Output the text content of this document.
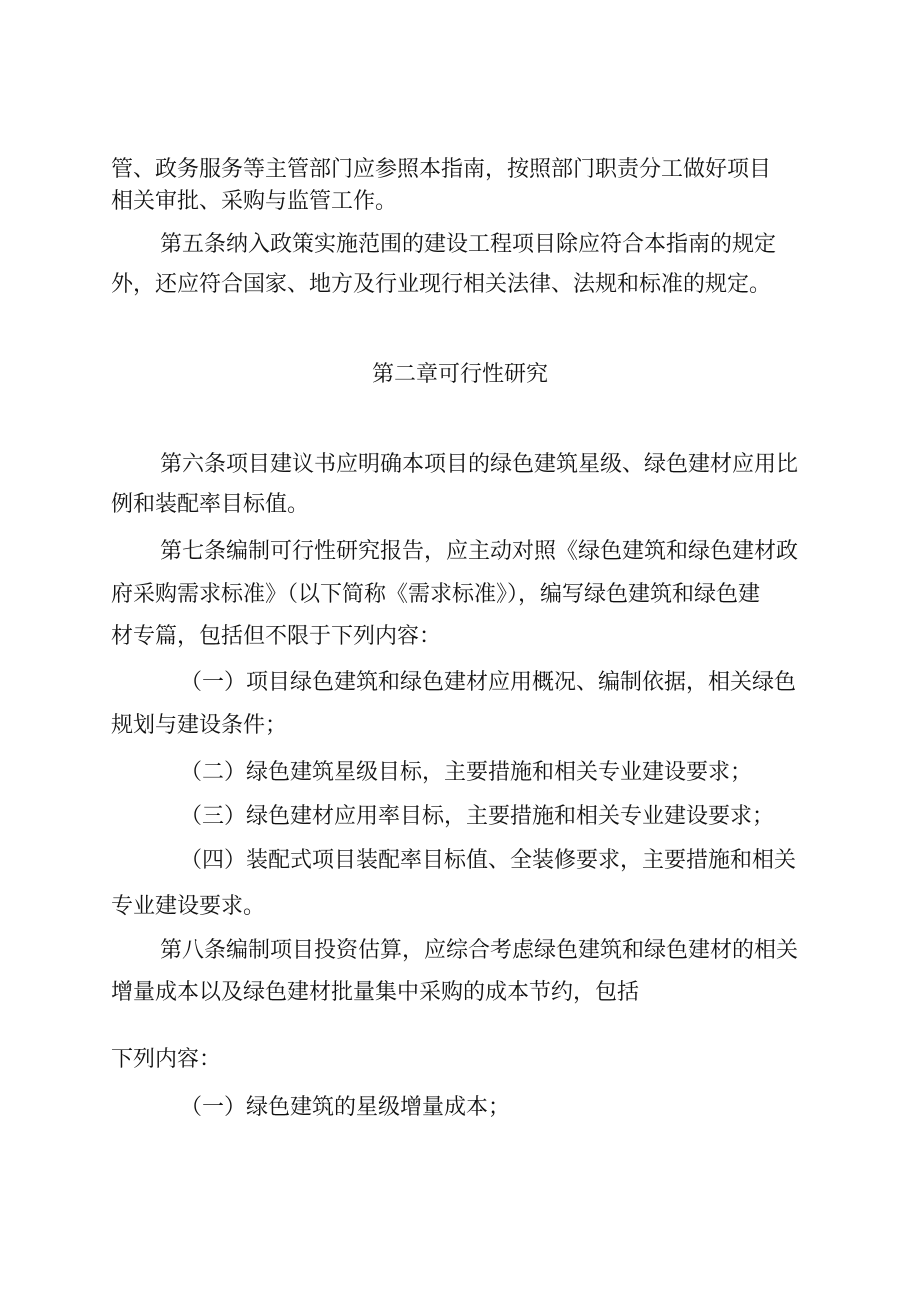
管、政务服务等主管部门应参照本指南，按照部门职责分工做好项目
相关审批、采购与监管工作。
第五条纳入政策实施范围的建设工程项目除应符合本指南的规定
外，还应符合国家、地方及行业现行相关法律、法规和标准的规定。
第二章可行性研究
第六条项目建议书应明确本项目的绿色建筑星级、绿色建材应用比
例和装配率目标值。
第七条编制可行性研究报告，应主动对照《绿色建筑和绿色建材政
府采购需求标准》（以下简称《需求标准》），编写绿色建筑和绿色建
材专篇，包括但不限于下列内容：
（一）项目绿色建筑和绿色建材应用概况、编制依据，相关绿色
规划与建设条件；
（二）绿色建筑星级目标，主要措施和相关专业建设要求；
（三）绿色建材应用率目标，主要措施和相关专业建设要求；
（四）装配式项目装配率目标值、全装修要求，主要措施和相关
专业建设要求。
第八条编制项目投资估算，应综合考虑绿色建筑和绿色建材的相关
增量成本以及绿色建材批量集中采购的成本节约，包括
下列内容：
（一）绿色建筑的星级增量成本；
